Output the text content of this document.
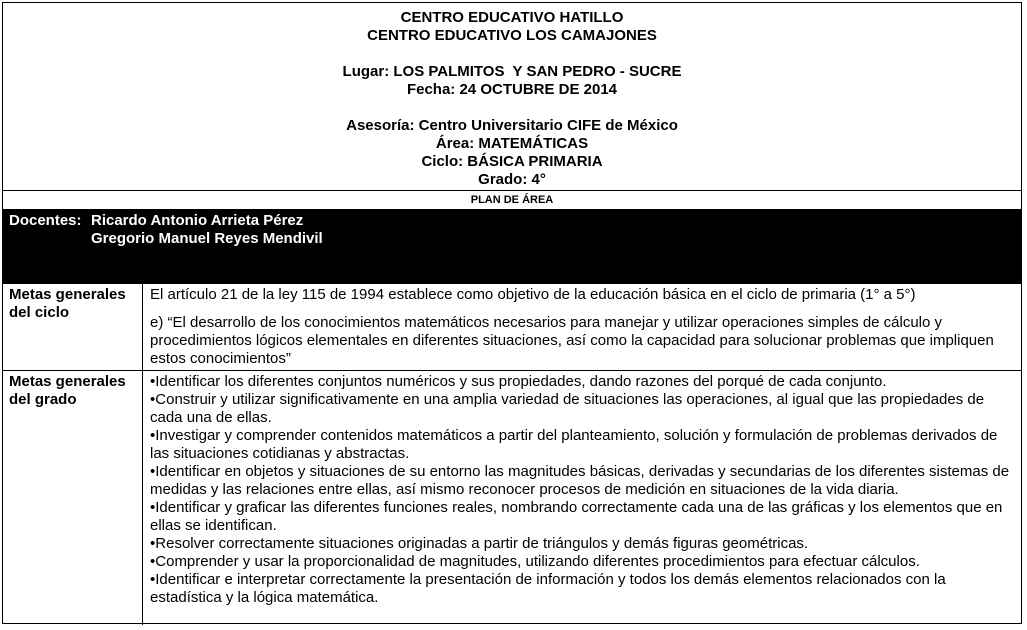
CENTRO EDUCATIVO HATILLO
CENTRO EDUCATIVO LOS CAMAJONES
Lugar: LOS PALMITOS  Y SAN PEDRO - SUCRE
Fecha: 24 OCTUBRE DE 2014
Asesoría: Centro Universitario CIFE de México
Área: MATEMÁTICAS
Ciclo: BÁSICA PRIMARIA
Grado: 4°
PLAN DE ÁREA
Docentes: Ricardo Antonio Arrieta Pérez
Gregorio Manuel Reyes Mendivil
Metas generales del ciclo

El artículo 21 de la ley 115 de 1994 establece como objetivo de la educación básica en el ciclo de primaria (1° a 5°)

e) “El desarrollo de los conocimientos matemáticos necesarios para manejar y utilizar operaciones simples de cálculo y procedimientos lógicos elementales en diferentes situaciones, así como la capacidad para solucionar problemas que impliquen estos conocimientos”

Metas generales del grado

• Identificar los diferentes conjuntos numéricos y sus propiedades, dando razones del porqué de cada conjunto.

• Construir y utilizar significativamente en una amplia variedad de situaciones las operaciones, al igual que las propiedades de cada una de ellas.

• Investigar y comprender contenidos matemáticos a partir del planteamiento, solución y formulación de problemas derivados de las situaciones cotidianas y abstractas.

• Identificar en objetos y situaciones de su entorno las magnitudes básicas, derivadas y secundarias de los diferentes sistemas de medidas y las relaciones entre ellas, así mismo reconocer procesos de medición en situaciones de la vida diaria.

• Identificar y graficar las diferentes funciones reales, nombrando correctamente cada una de las gráficas y los elementos que en ellas se identifican.

• Resolver correctamente situaciones originadas a partir de triángulos y demás figuras geométricas.

• Comprender y usar la proporcionalidad de magnitudes, utilizando diferentes procedimientos para efectuar cálculos.

• Identificar e interpretar correctamente la presentación de información y todos los demás elementos relacionados con la estadística y la lógica matemática.
